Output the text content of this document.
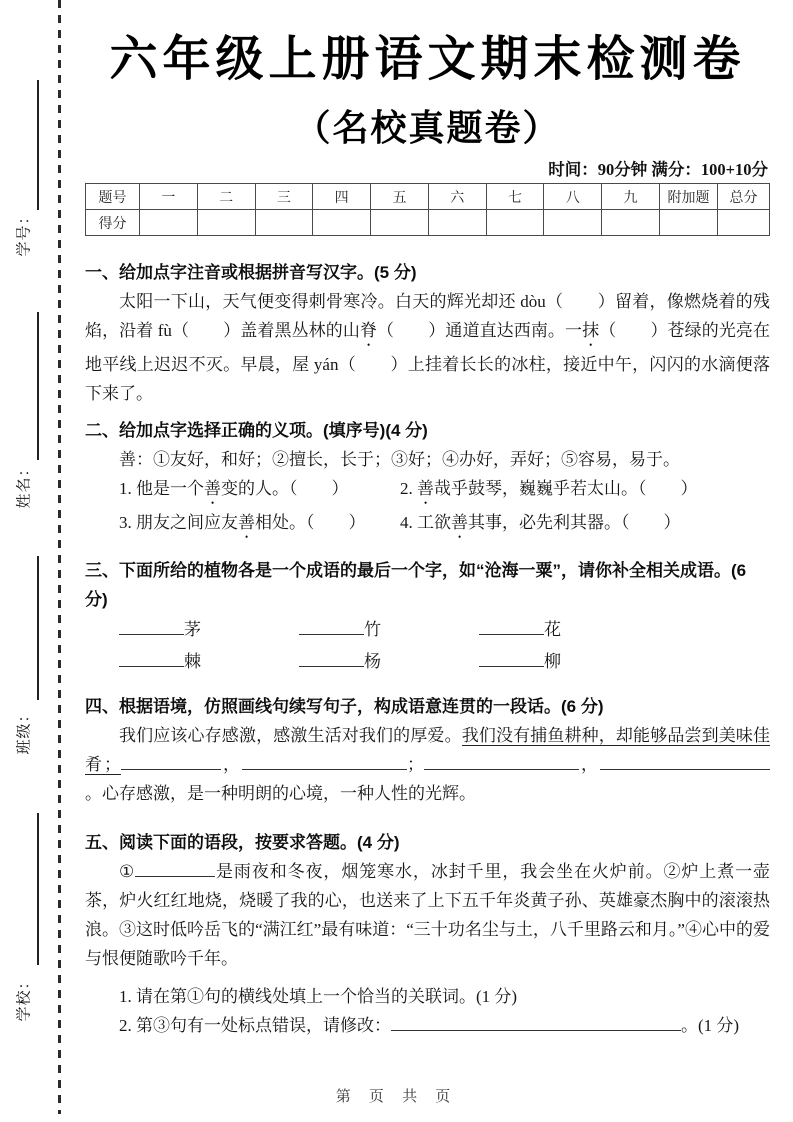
学号：
姓名：
班级：
学校：
六年级上册语文期末检测卷
（名校真题卷）
时间：90分钟 满分：100+10分
题号	一	二	三	四	五	六	七	八	九	附加题	总分
得分											

一、给加点字注音或根据拼音写汉字。(5 分)

太阳一下山，天气便变得刺骨寒冷。白天的辉光却还 dòu（　　）留着，像燃烧着的残焰，沿着 fù（　　）盖着黑丛林的山脊（　　）通道直达西南。一抹（　　）苍绿的光亮在地平线上迟迟不灭。早晨，屋 yán（　　）上挂着长长的冰柱，接近中午，闪闪的水滴便落下来了。

二、给加点字选择正确的义项。(填序号)(4 分)

善：①友好，和好；②擅长，长于；③好；④办好，弄好；⑤容易，易于。

1. 他是一个善变的人。（　　）	2. 善哉乎鼓琴，巍巍乎若太山。（　　）
3. 朋友之间应友善相处。（　　）	4. 工欲善其事，必先利其器。（　　）

三、下面所给的植物各是一个成语的最后一个字，如“沧海一粟”，请你补全相关成语。(6 分)

茅	竹	花
棘	杨	柳

四、根据语境，仿照画线句续写句子，构成语意连贯的一段话。(6 分)

我们应该心存感激，感激生活对我们的厚爱。我们没有捕鱼耕种，却能够品尝到美味佳肴；	，	；	，。心存感激，是一种明朗的心境，一种人性的光辉。

五、阅读下面的语段，按要求答题。(4 分)

①	是雨夜和冬夜，烟笼寒水，冰封千里，我会坐在火炉前。②炉上煮一壶茶，炉火红红地烧，烧暖了我的心，也送来了上下五千年炎黄子孙、英雄豪杰胸中的滚滚热浪。③这时低吟岳飞的“满江红”最有味道：“三十功名尘与土，八千里路云和月。”④心中的爱与恨便随歌吟千年。

1. 请在第①句的横线处填上一个恰当的关联词。(1 分)

2. 第③句有一处标点错误，请修改：	。(1 分)

第 页 共 页
